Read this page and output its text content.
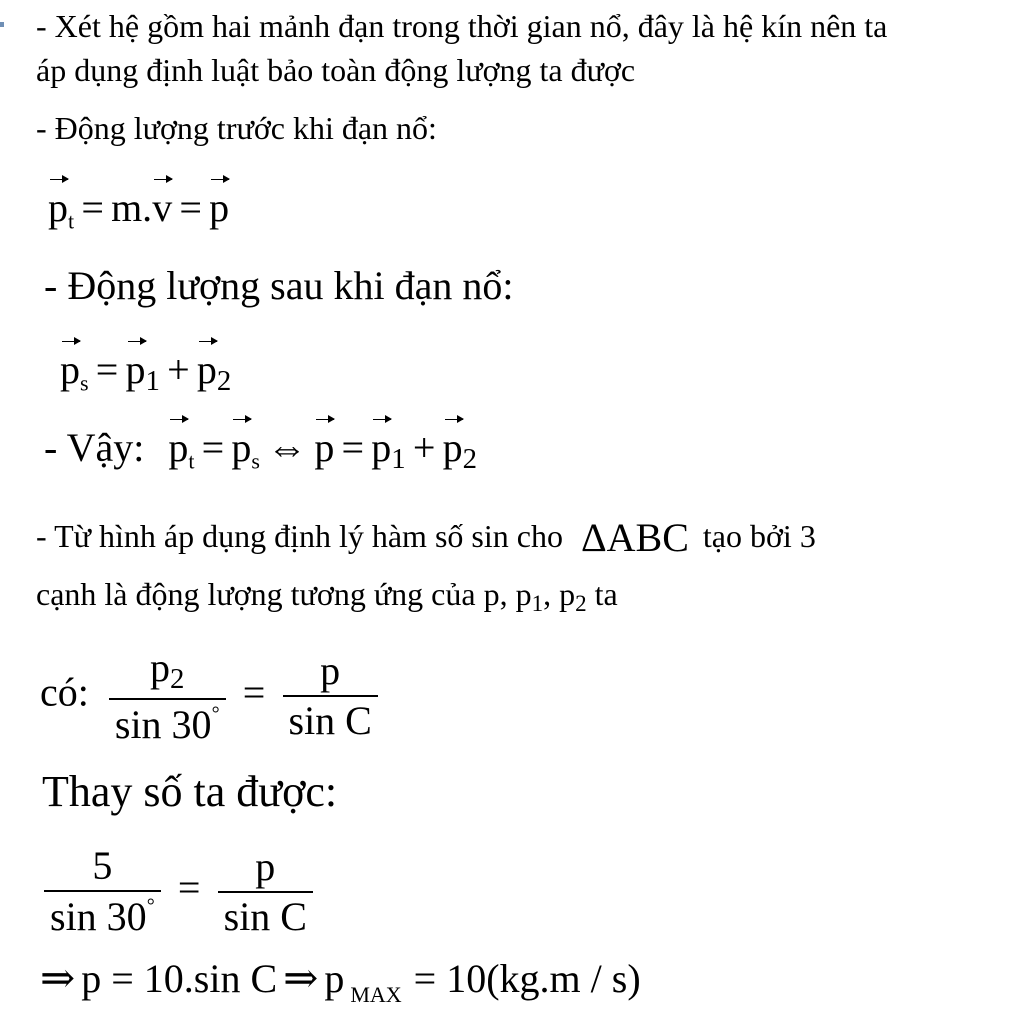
- Xét hệ gồm hai mảnh đạn trong thời gian nổ, đây là hệ kín nên ta
áp dụng định luật bảo toàn động lượng ta được
- Động lượng trước khi đạn nổ:
$p_t = m.v = p$
- Động lượng sau khi đạn nổ:
$p_s = p1 + p2$
- Vậy: $p_t = p_s$ ⇔ p = p1 + p2
- Từ hình áp dụng định lý hàm số sin cho ΔABC tạo bởi 3
cạnh là động lượng tương ứng của p, p1, p2 ta
có: $\frac{p2}{\sin 30^\circ} = \frac{p}{\text{sin C}}$
Thay số ta được:
$\frac{5}{\sin 30^\circ} = \frac{p}{\text{sin C}}$
⇒ p = 10.sin C ⇒ p $_{MAX}$ = 10(kg.m / s)
